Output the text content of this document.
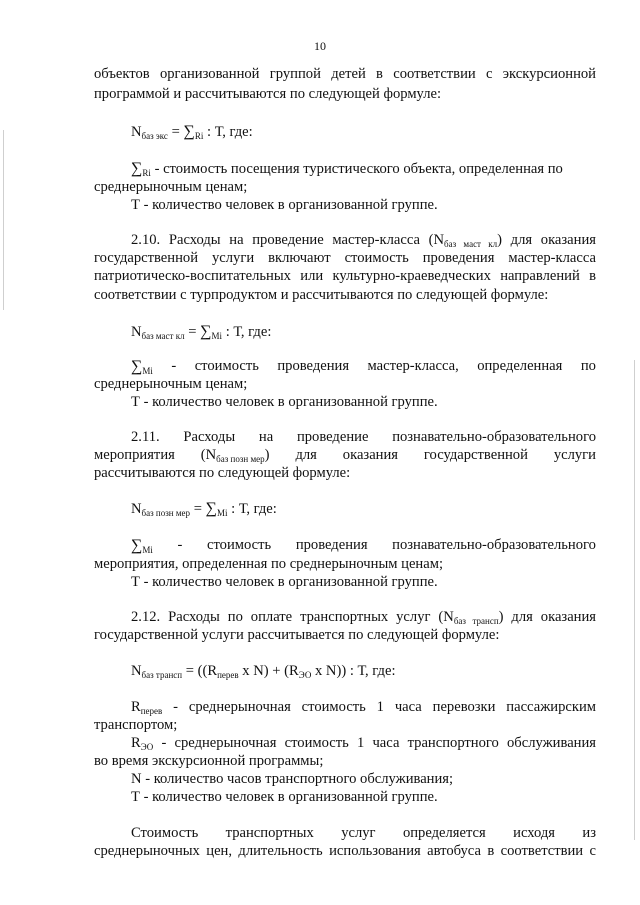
10
объектов организованной группой детей в соответствии с экскурсионной
программой и рассчитываются по следующей формуле:
$N_{баз экс} = \sum_{Ri}$ : Т, где:
$\sum_{Ri}$ - стоимость посещения туристического объекта, определенная по
среднерыночным ценам;
Т - количество человек в организованной группе.
2.10. Расходы на проведение мастер-класса $(N_{баз маст кл})$ для оказания
государственной услуги включают стоимость проведения мастер-класса
патриотическо-воспитательных или культурно-краеведческих направлений в
соответствии с турпродуктом и рассчитываются по следующей формуле:
$N_{баз маст кл} = \sum_{Mi}$ : Т, где:
$\sum_{Mi}$ - стоимость проведения мастер-класса, определенная по
среднерыночным ценам;
Т - количество человек в организованной группе.
2.11. Расходы на проведение познавательно-образовательного
мероприятия $(N_{баз позн мер})$ для оказания государственной услуги
рассчитываются по следующей формуле:
$N_{баз позн мер} = \sum_{Mi}$ : Т, где:
$\sum_{Mi}$ - стоимость проведения познавательно-образовательного
мероприятия, определенная по среднерыночным ценам;
Т - количество человек в организованной группе.
2.12. Расходы по оплате транспортных услуг $(N_{баз трансп})$ для оказания
государственной услуги рассчитывается по следующей формуле:
$N_{баз трансп} = ((R_{перев}$ x $N) + (R_{ЭО}$ x N)) : Т, где:
$R_{перев}$ - среднерыночная стоимость 1 часа перевозки пассажирским
транспортом;
$R_{ЭО}$ - среднерыночная стоимость 1 часа транспортного обслуживания
во время экскурсионной программы;
N - количество часов транспортного обслуживания;
Т - количество человек в организованной группе.
Стоимость транспортных услуг определяется исходя из
среднерыночных цен, длительность использования автобуса в соответствии с
